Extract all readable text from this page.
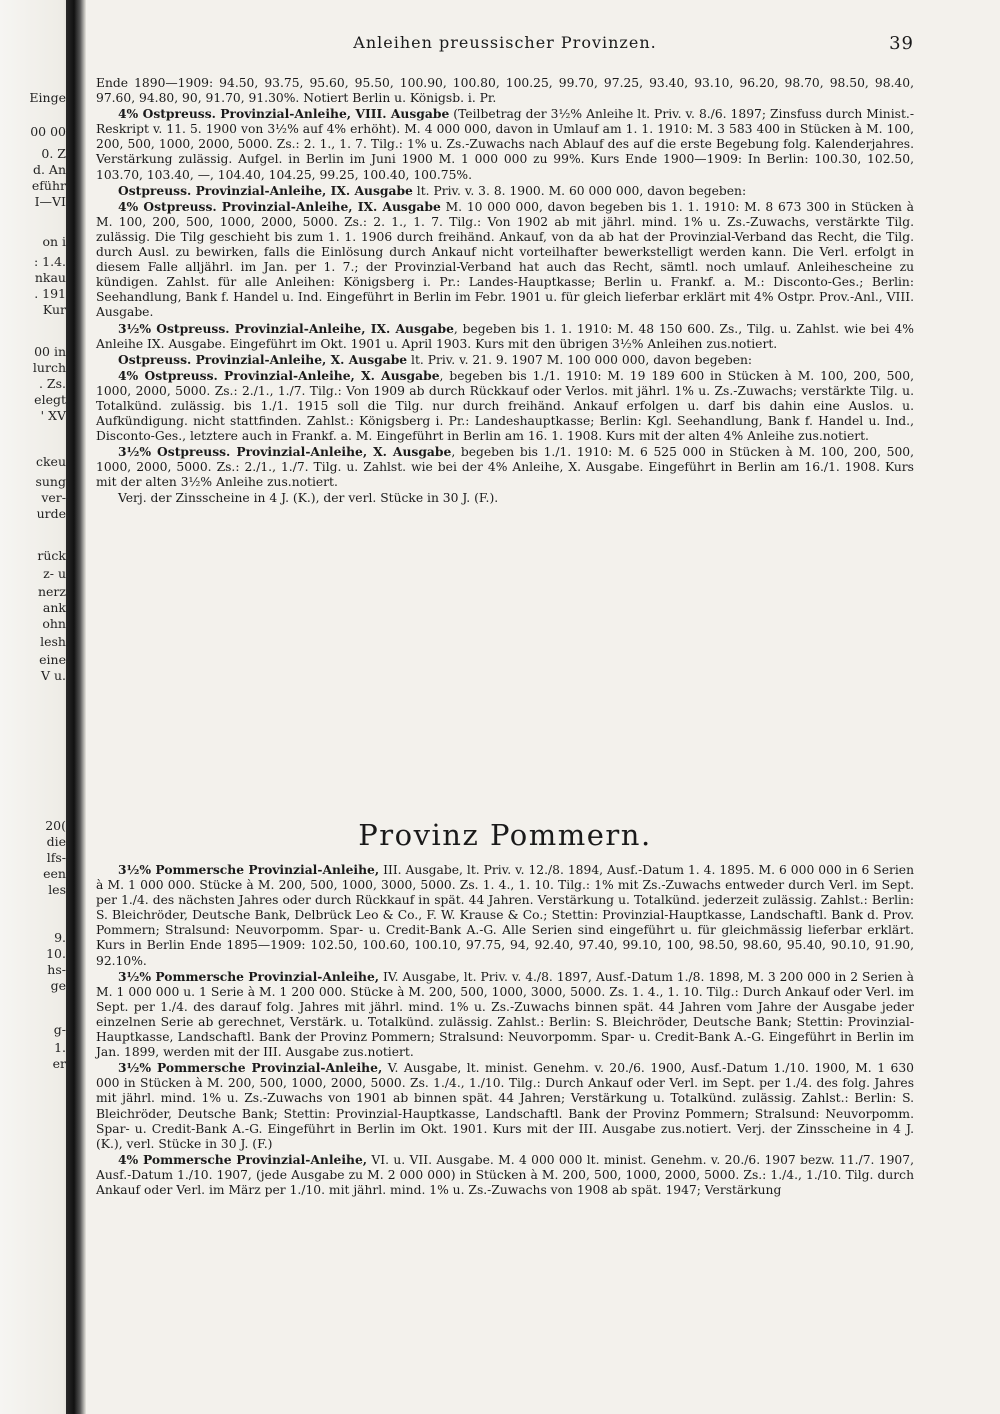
Einge
00 00
0. Z
d. An
eführ
I—VI
on i
: 1.4.
nkau
. 191
Kur
00 in
lurch
. Zs.
elegt
' XV
ckeu
sung
ver-
urde
rück
z- u
nerz
ank
ohn
lesh
eine
V u.
20(
die
lfs-
een
les
9.
10.
hs-
ge
g-
1.
er
Anleihen preussischer Provinzen.	39

Ende 1890—1909: 94.50, 93.75, 95.60, 95.50, 100.90, 100.80, 100.25, 99.70, 97.25, 93.40, 93.10, 96.20, 98.70, 98.50, 98.40, 97.60, 94.80, 90, 91.70, 91.30%. Notiert Berlin u. Königsb. i. Pr.

4% Ostpreuss. Provinzial-Anleihe, VIII. Ausgabe (Teilbetrag der 3½% Anleihe lt. Priv. v. 8./6. 1897; Zinsfuss durch Minist.-Reskript v. 11. 5. 1900 von 3½% auf 4% erhöht). M. 4 000 000, davon in Umlauf am 1. 1. 1910: M. 3 583 400 in Stücken à M. 100, 200, 500, 1000, 2000, 5000. Zs.: 2. 1., 1. 7. Tilg.: 1% u. Zs.-Zuwachs nach Ablauf des auf die erste Begebung folg. Kalenderjahres. Verstärkung zulässig. Aufgel. in Berlin im Juni 1900 M. 1 000 000 zu 99%. Kurs Ende 1900—1909: In Berlin: 100.30, 102.50, 103.70, 103.40, —, 104.40, 104.25, 99.25, 100.40, 100.75%.

Ostpreuss. Provinzial-Anleihe, IX. Ausgabe lt. Priv. v. 3. 8. 1900. M. 60 000 000, davon begeben:

4% Ostpreuss. Provinzial-Anleihe, IX. Ausgabe M. 10 000 000, davon begeben bis 1. 1. 1910: M. 8 673 300 in Stücken à M. 100, 200, 500, 1000, 2000, 5000. Zs.: 2. 1., 1. 7. Tilg.: Von 1902 ab mit jährl. mind. 1% u. Zs.-Zuwachs, verstärkte Tilg. zulässig. Die Tilg geschieht bis zum 1. 1. 1906 durch freihänd. Ankauf, von da ab hat der Provinzial-Verband das Recht, die Tilg. durch Ausl. zu bewirken, falls die Einlösung durch Ankauf nicht vorteilhafter bewerkstelligt werden kann. Die Verl. erfolgt in diesem Falle alljährl. im Jan. per 1. 7.; der Provinzial-Verband hat auch das Recht, sämtl. noch umlauf. Anleihescheine zu kündigen. Zahlst. für alle Anleihen: Königsberg i. Pr.: Landes-Hauptkasse; Berlin u. Frankf. a. M.: Disconto-Ges.; Berlin: Seehandlung, Bank f. Handel u. Ind. Eingeführt in Berlin im Febr. 1901 u. für gleich lieferbar erklärt mit 4% Ostpr. Prov.-Anl., VIII. Ausgabe.

3½% Ostpreuss. Provinzial-Anleihe, IX. Ausgabe, begeben bis 1. 1. 1910: M. 48 150 600. Zs., Tilg. u. Zahlst. wie bei 4% Anleihe IX. Ausgabe. Eingeführt im Okt. 1901 u. April 1903. Kurs mit den übrigen 3½% Anleihen zus.notiert.

Ostpreuss. Provinzial-Anleihe, X. Ausgabe lt. Priv. v. 21. 9. 1907 M. 100 000 000, davon begeben:

4% Ostpreuss. Provinzial-Anleihe, X. Ausgabe, begeben bis 1./1. 1910: M. 19 189 600 in Stücken à M. 100, 200, 500, 1000, 2000, 5000. Zs.: 2./1., 1./7. Tilg.: Von 1909 ab durch Rückkauf oder Verlos. mit jährl. 1% u. Zs.-Zuwachs; verstärkte Tilg. u. Totalkünd. zulässig. bis 1./1. 1915 soll die Tilg. nur durch freihänd. Ankauf erfolgen u. darf bis dahin eine Auslos. u. Aufkündigung. nicht stattfinden. Zahlst.: Königsberg i. Pr.: Landeshauptkasse; Berlin: Kgl. Seehandlung, Bank f. Handel u. Ind., Disconto-Ges., letztere auch in Frankf. a. M. Eingeführt in Berlin am 16. 1. 1908. Kurs mit der alten 4% Anleihe zus.notiert.

3½% Ostpreuss. Provinzial-Anleihe, X. Ausgabe, begeben bis 1./1. 1910: M. 6 525 000 in Stücken à M. 100, 200, 500, 1000, 2000, 5000. Zs.: 2./1., 1./7. Tilg. u. Zahlst. wie bei der 4% Anleihe, X. Ausgabe. Eingeführt in Berlin am 16./1. 1908. Kurs mit der alten 3½% Anleihe zus.notiert.

Verj. der Zinsscheine in 4 J. (K.), der verl. Stücke in 30 J. (F.).

Provinz Pommern.

3½% Pommersche Provinzial-Anleihe, III. Ausgabe, lt. Priv. v. 12./8. 1894, Ausf.-Datum 1. 4. 1895. M. 6 000 000 in 6 Serien à M. 1 000 000. Stücke à M. 200, 500, 1000, 3000, 5000. Zs. 1. 4., 1. 10. Tilg.: 1% mit Zs.-Zuwachs entweder durch Verl. im Sept. per 1./4. des nächsten Jahres oder durch Rückkauf in spät. 44 Jahren. Verstärkung u. Totalkünd. jederzeit zulässig. Zahlst.: Berlin: S. Bleichröder, Deutsche Bank, Delbrück Leo & Co., F. W. Krause & Co.; Stettin: Provinzial-Hauptkasse, Landschaftl. Bank d. Prov. Pommern; Stralsund: Neuvorpomm. Spar- u. Credit-Bank A.-G. Alle Serien sind eingeführt u. für gleichmässig lieferbar erklärt. Kurs in Berlin Ende 1895—1909: 102.50, 100.60, 100.10, 97.75, 94, 92.40, 97.40, 99.10, 100, 98.50, 98.60, 95.40, 90.10, 91.90, 92.10%.

3½% Pommersche Provinzial-Anleihe, IV. Ausgabe, lt. Priv. v. 4./8. 1897, Ausf.-Datum 1./8. 1898, M. 3 200 000 in 2 Serien à M. 1 000 000 u. 1 Serie à M. 1 200 000. Stücke à M. 200, 500, 1000, 3000, 5000. Zs. 1. 4., 1. 10. Tilg.: Durch Ankauf oder Verl. im Sept. per 1./4. des darauf folg. Jahres mit jährl. mind. 1% u. Zs.-Zuwachs binnen spät. 44 Jahren vom Jahre der Ausgabe jeder einzelnen Serie ab gerechnet, Verstärk. u. Totalkünd. zulässig. Zahlst.: Berlin: S. Bleichröder, Deutsche Bank; Stettin: Provinzial-Hauptkasse, Landschaftl. Bank der Provinz Pommern; Stralsund: Neuvorpomm. Spar- u. Credit-Bank A.-G. Eingeführt in Berlin im Jan. 1899, werden mit der III. Ausgabe zus.notiert.

3½% Pommersche Provinzial-Anleihe, V. Ausgabe, lt. minist. Genehm. v. 20./6. 1900, Ausf.-Datum 1./10. 1900, M. 1 630 000 in Stücken à M. 200, 500, 1000, 2000, 5000. Zs. 1./4., 1./10. Tilg.: Durch Ankauf oder Verl. im Sept. per 1./4. des folg. Jahres mit jährl. mind. 1% u. Zs.-Zuwachs von 1901 ab binnen spät. 44 Jahren; Verstärkung u. Totalkünd. zulässig. Zahlst.: Berlin: S. Bleichröder, Deutsche Bank; Stettin: Provinzial-Hauptkasse, Landschaftl. Bank der Provinz Pommern; Stralsund: Neuvorpomm. Spar- u. Credit-Bank A.-G. Eingeführt in Berlin im Okt. 1901. Kurs mit der III. Ausgabe zus.notiert. Verj. der Zinsscheine in 4 J. (K.), verl. Stücke in 30 J. (F.)

4% Pommersche Provinzial-Anleihe, VI. u. VII. Ausgabe. M. 4 000 000 lt. minist. Genehm. v. 20./6. 1907 bezw. 11./7. 1907, Ausf.-Datum 1./10. 1907, (jede Ausgabe zu M. 2 000 000) in Stücken à M. 200, 500, 1000, 2000, 5000. Zs.: 1./4., 1./10. Tilg. durch Ankauf oder Verl. im März per 1./10. mit jährl. mind. 1% u. Zs.-Zuwachs von 1908 ab spät. 1947; Verstärkung
